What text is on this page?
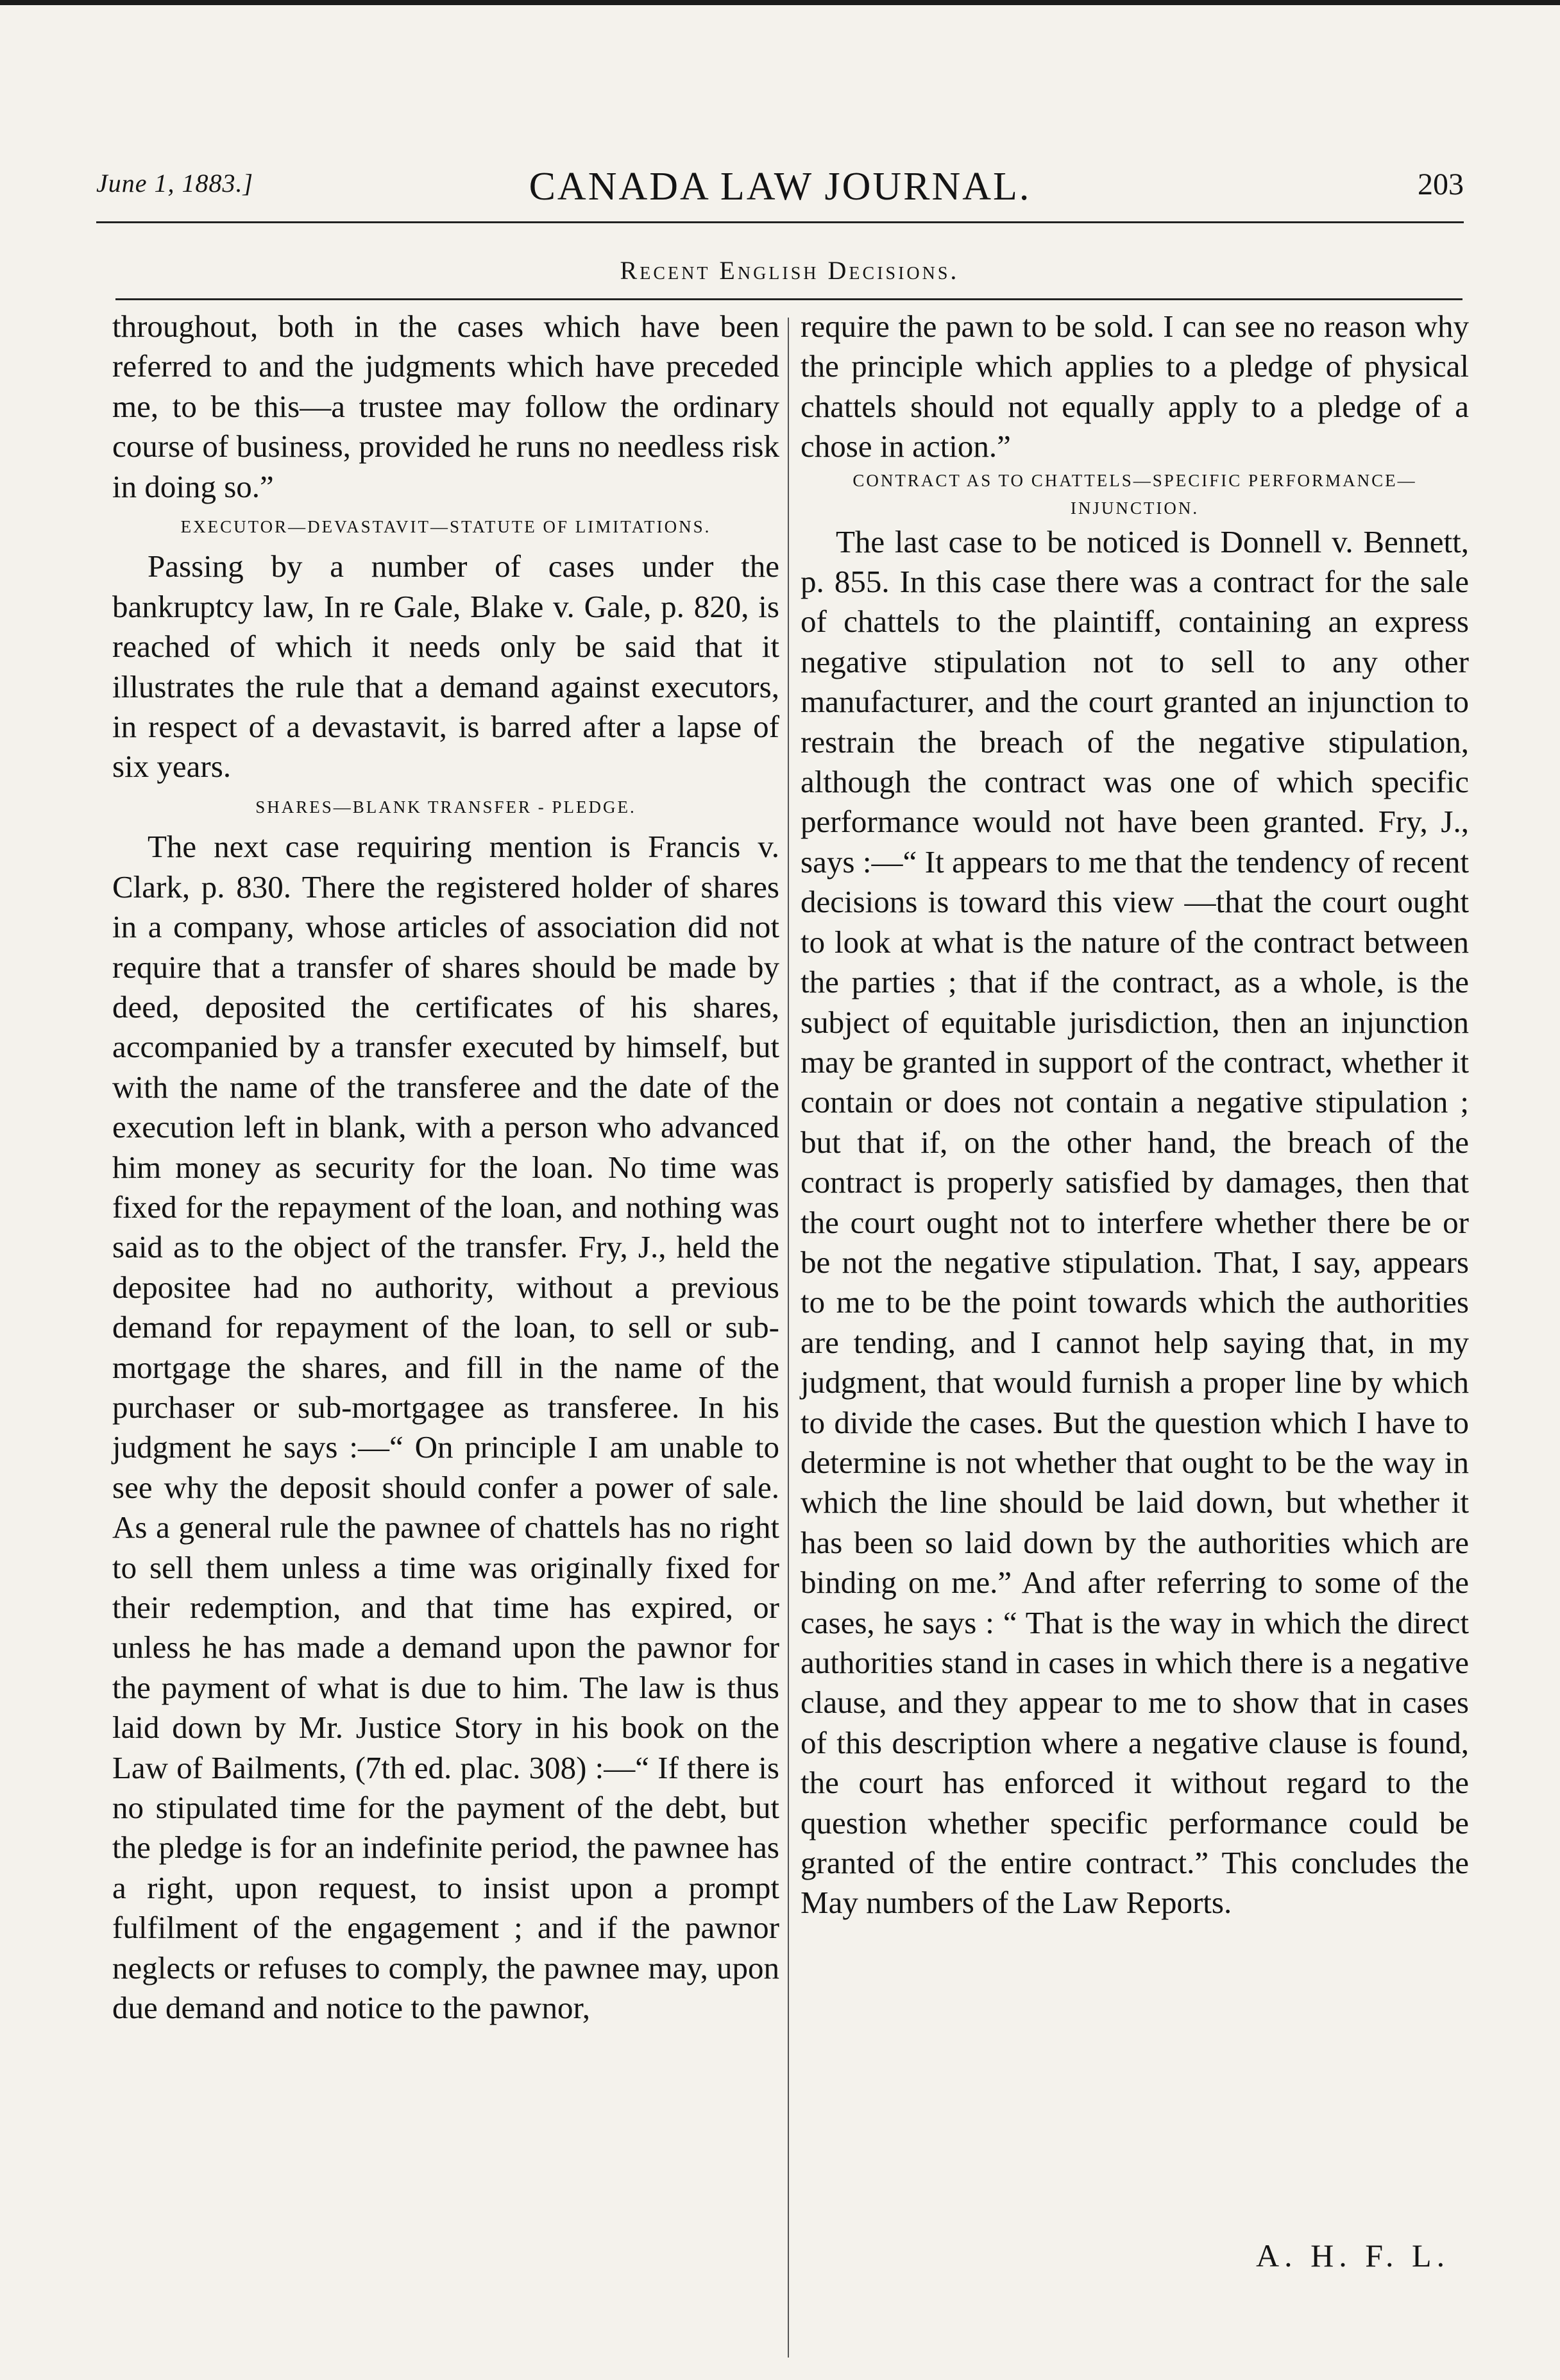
June 1, 1883.]	CANADA LAW JOURNAL.	203
Recent English Decisions.

throughout, both in the cases which have been referred to and the judgments which have preceded me, to be this—a trustee may follow the ordinary course of business, provided he runs no needless risk in doing so.”

EXECUTOR—DEVASTAVIT—STATUTE OF LIMITATIONS.

Passing by a number of cases under the bankruptcy law, In re Gale, Blake v. Gale, p. 820, is reached of which it needs only be said that it illustrates the rule that a demand against executors, in respect of a devastavit, is barred after a lapse of six years.

SHARES—BLANK TRANSFER - PLEDGE.

The next case requiring mention is Francis v. Clark, p. 830. There the registered holder of shares in a company, whose articles of association did not require that a transfer of shares should be made by deed, deposited the certificates of his shares, accompanied by a transfer executed by himself, but with the name of the transferee and the date of the execution left in blank, with a person who advanced him money as security for the loan. No time was fixed for the repayment of the loan, and nothing was said as to the object of the transfer. Fry, J., held the depositee had no authority, without a previous demand for repayment of the loan, to sell or sub-mortgage the shares, and fill in the name of the purchaser or sub-mortgagee as transferee. In his judgment he says :—“ On principle I am unable to see why the deposit should confer a power of sale. As a general rule the pawnee of chattels has no right to sell them unless a time was originally fixed for their redemption, and that time has expired, or unless he has made a demand upon the pawnor for the payment of what is due to him. The law is thus laid down by Mr. Justice Story in his book on the Law of Bailments, (7th ed. plac. 308) :—“ If there is no stipulated time for the payment of the debt, but the pledge is for an indefinite period, the pawnee has a right, upon request, to insist upon a prompt fulfilment of the engagement ; and if the pawnor neglects or refuses to comply, the pawnee may, upon due demand and notice to the pawnor,

require the pawn to be sold. I can see no reason why the principle which applies to a pledge of physical chattels should not equally apply to a pledge of a chose in action.”

CONTRACT AS TO CHATTELS—SPECIFIC PERFORMANCE—INJUNCTION.

The last case to be noticed is Donnell v. Bennett, p. 855. In this case there was a contract for the sale of chattels to the plaintiff, containing an express negative stipulation not to sell to any other manufacturer, and the court granted an injunction to restrain the breach of the negative stipulation, although the contract was one of which specific performance would not have been granted. Fry, J., says :—“ It appears to me that the tendency of recent decisions is toward this view —that the court ought to look at what is the nature of the contract between the parties ; that if the contract, as a whole, is the subject of equitable jurisdiction, then an injunction may be granted in support of the contract, whether it contain or does not contain a negative stipulation ; but that if, on the other hand, the breach of the contract is properly satisfied by damages, then that the court ought not to interfere whether there be or be not the negative stipulation. That, I say, appears to me to be the point towards which the authorities are tending, and I cannot help saying that, in my judgment, that would furnish a proper line by which to divide the cases. But the question which I have to determine is not whether that ought to be the way in which the line should be laid down, but whether it has been so laid down by the authorities which are binding on me.” And after referring to some of the cases, he says : “ That is the way in which the direct authorities stand in cases in which there is a negative clause, and they appear to me to show that in cases of this description where a negative clause is found, the court has enforced it without regard to the question whether specific performance could be granted of the entire contract.” This concludes the May numbers of the Law Reports.

A. H. F. L.
